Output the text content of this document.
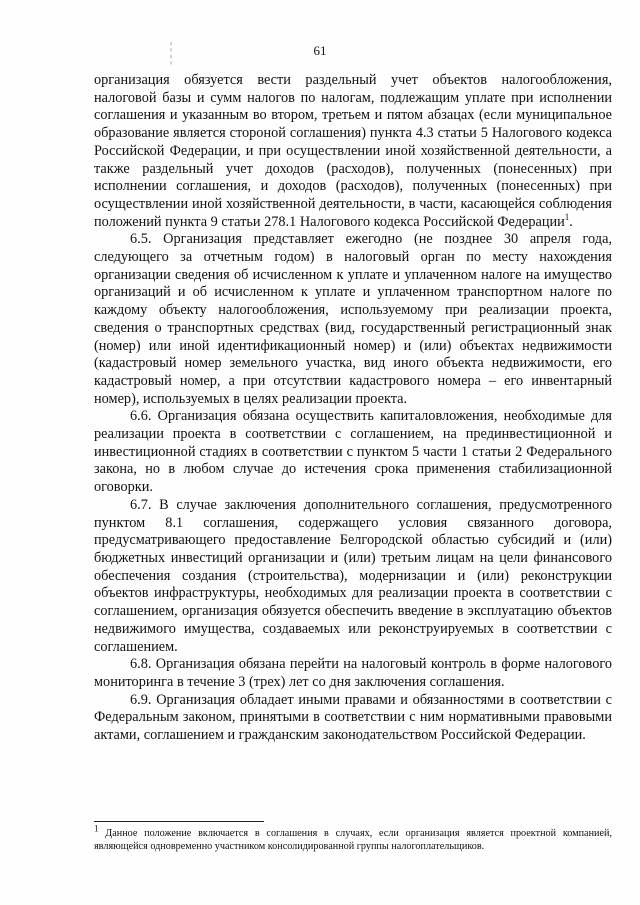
¦
¦
61

организация обязуется вести раздельный учет объектов налогообложения, налоговой базы и сумм налогов по налогам, подлежащим уплате при исполнении соглашения и указанным во втором, третьем и пятом абзацах (если муниципальное образование является стороной соглашения) пункта 4.3 статьи 5 Налогового кодекса Российской Федерации, и при осуществлении иной хозяйственной деятельности, а также раздельный учет доходов (расходов), полученных (понесенных) при исполнении соглашения, и доходов (расходов), полученных (понесенных) при осуществлении иной хозяйственной деятельности, в части, касающейся соблюдения положений пункта 9 статьи 278.1 Налогового кодекса Российской Федерации$^1$.

6.5. Организация представляет ежегодно (не позднее 30 апреля года, следующего за отчетным годом) в налоговый орган по месту нахождения организации сведения об исчисленном к уплате и уплаченном налоге на имущество организаций и об исчисленном к уплате и уплаченном транспортном налоге по каждому объекту налогообложения, используемому при реализации проекта, сведения о транспортных средствах (вид, государственный регистрационный знак (номер) или иной идентификационный номер) и (или) объектах недвижимости (кадастровый номер земельного участка, вид иного объекта недвижимости, его кадастровый номер, а при отсутствии кадастрового номера – его инвентарный номер), используемых в целях реализации проекта.

6.6. Организация обязана осуществить капиталовложения, необходимые для реализации проекта в соответствии с соглашением, на прединвестиционной и инвестиционной стадиях в соответствии с пунктом 5 части 1 статьи 2 Федерального закона, но в любом случае до истечения срока применения стабилизационной оговорки.

6.7. В случае заключения дополнительного соглашения, предусмотренного пунктом 8.1 соглашения, содержащего условия связанного договора, предусматривающего предоставление Белгородской областью субсидий и (или) бюджетных инвестиций организации и (или) третьим лицам на цели финансового обеспечения создания (строительства), модернизации и (или) реконструкции объектов инфраструктуры, необходимых для реализации проекта в соответствии с соглашением, организация обязуется обеспечить введение в эксплуатацию объектов недвижимого имущества, создаваемых или реконструируемых в соответствии с соглашением.

6.8. Организация обязана перейти на налоговый контроль в форме налогового мониторинга в течение 3 (трех) лет со дня заключения соглашения.

6.9. Организация обладает иными правами и обязанностями в соответствии с Федеральным законом, принятыми в соответствии с ним нормативными правовыми актами, соглашением и гражданским законодательством Российской Федерации.

$^1$ Данное положение включается в соглашения в случаях, если организация является проектной компанией, являющейся одновременно участником консолидированной группы налогоплательщиков.
